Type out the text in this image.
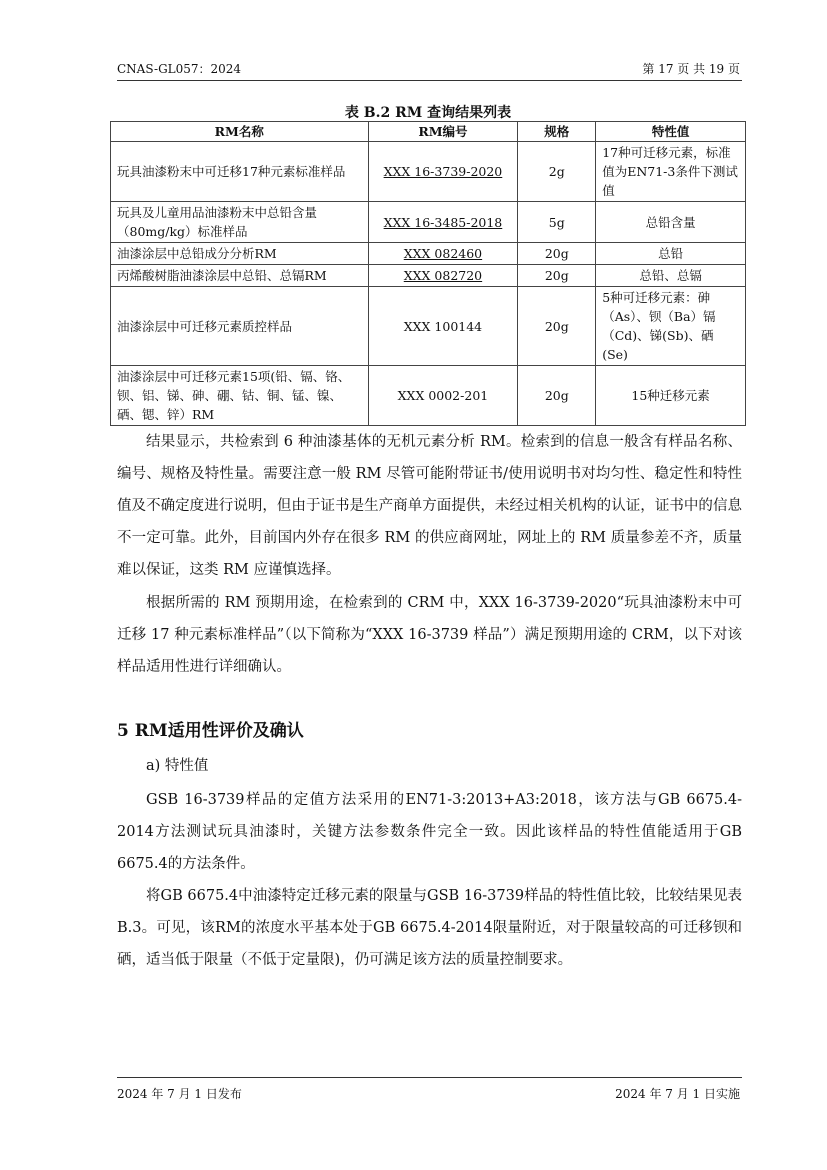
CNAS-GL057：2024	第 17 页 共 19 页
表 B.2 RM 查询结果列表
RM名称	RM编号	规格	特性值
玩具油漆粉末中可迁移17种元素标准样品	XXX 16-3739-2020	2g	17种可迁移元素，标准值为EN71-3条件下测试值
玩具及儿童用品油漆粉末中总铅含量（80mg/kg）标准样品	XXX 16-3485-2018	5g	总铅含量
油漆涂层中总铅成分分析RM	XXX 082460	20g	总铅
丙烯酸树脂油漆涂层中总铅、总镉RM	XXX 082720	20g	总铅、总镉
油漆涂层中可迁移元素质控样品	XXX 100144	20g	5种可迁移元素：砷（As）、钡（Ba）镉（Cd)、锑(Sb)、硒(Se)
油漆涂层中可迁移元素15项(铅、镉、铬、钡、铝、锑、砷、硼、钴、铜、锰、镍、硒、锶、锌）RM	XXX 0002-201	20g	15种迁移元素

结果显示，共检索到 6 种油漆基体的无机元素分析 RM。检索到的信息一般含有样品名称、编号、规格及特性量。需要注意一般 RM 尽管可能附带证书/使用说明书对均匀性、稳定性和特性值及不确定度进行说明，但由于证书是生产商单方面提供，未经过相关机构的认证，证书中的信息不一定可靠。此外，目前国内外存在很多 RM 的供应商网址，网址上的 RM 质量参差不齐，质量难以保证，这类 RM 应谨慎选择。

根据所需的 RM 预期用途，在检索到的 CRM 中，XXX 16-3739-2020“玩具油漆粉末中可迁移 17 种元素标准样品”（以下简称为“XXX 16-3739 样品”）满足预期用途的 CRM，以下对该样品适用性进行详细确认。

5 RM适用性评价及确认

a) 特性值

GSB 16-3739样品的定值方法采用的EN71-3:2013+A3:2018，该方法与GB 6675.4-2014方法测试玩具油漆时，关键方法参数条件完全一致。因此该样品的特性值能适用于GB 6675.4的方法条件。

将GB 6675.4中油漆特定迁移元素的限量与GSB 16-3739样品的特性值比较，比较结果见表B.3。可见，该RM的浓度水平基本处于GB 6675.4-2014限量附近，对于限量较高的可迁移钡和硒，适当低于限量（不低于定量限)，仍可满足该方法的质量控制要求。

2024 年 7 月 1 日发布	2024 年 7 月 1 日实施
